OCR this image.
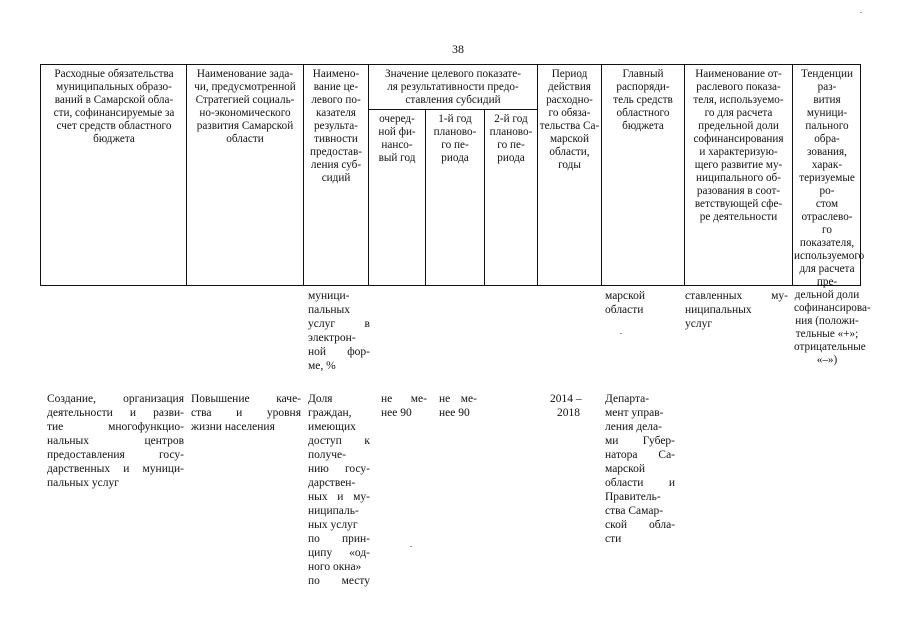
38
Расходные обязательства
муниципальных образо-
ваний в Самарской обла-
сти, софинансируемые за
счет средств областного
бюджета
Наименование зада-
чи, предусмотренной
Стратегией социаль-
но-экономического
развития Самарской
области
Наимено-
вание це-
левого по-
казателя
результа-
тивности
предостав-
ления суб-
сидий
Значение целевого показате-
ля результативности предо-
ставления субсидий
очеред-
ной фи-
нансо-
вый год
1-й год
планово-
го пе-
риода
2-й год
планово-
го пе-
риода
Период
действия
расходно-
го обяза-
тельства Са-
марской
области,
годы
Главный
распоряди-
тель средств
областного
бюджета
Наименование от-
раслевого показа-
теля, используемо-
го для расчета
предельной доли
софинансирования
и характеризую-
щего развитие му-
ниципального об-
разования в соот-
ветствующей сфе-
ре деятельности
Тенденции раз-
вития муници-
пального обра-
зования, харак-
теризуемые ро-
стом отраслево-
го показателя,
используемого
для расчета пре-
дельной доли
софинансирова-
ния (положи-
тельные «+»;
отрицательные
«–»)
муници-
пальных
услуг в
электрон-
ной фор-
ме, %
марской
области
ставленных му-
ниципальных
услуг
Создание, организация
деятельности и разви-
тие многофункцио-
нальных центров
предоставления госу-
дарственных и муници-
пальных услуг
Повышение каче-
ства и уровня
жизни населения
Доля
граждан,
имеющих
доступ к
получе-
нию госу-
дарствен-
ных и му-
ниципаль-
ных услуг
по прин-
ципу «од-
ного окна»
по месту
не ме-
нее 90
не ме-
нее 90
2014 –
2018
Департа-
мент управ-
ления дела-
ми Губер-
натора Са-
марской
области и
Правитель-
ства Самар-
ской обла-
сти
